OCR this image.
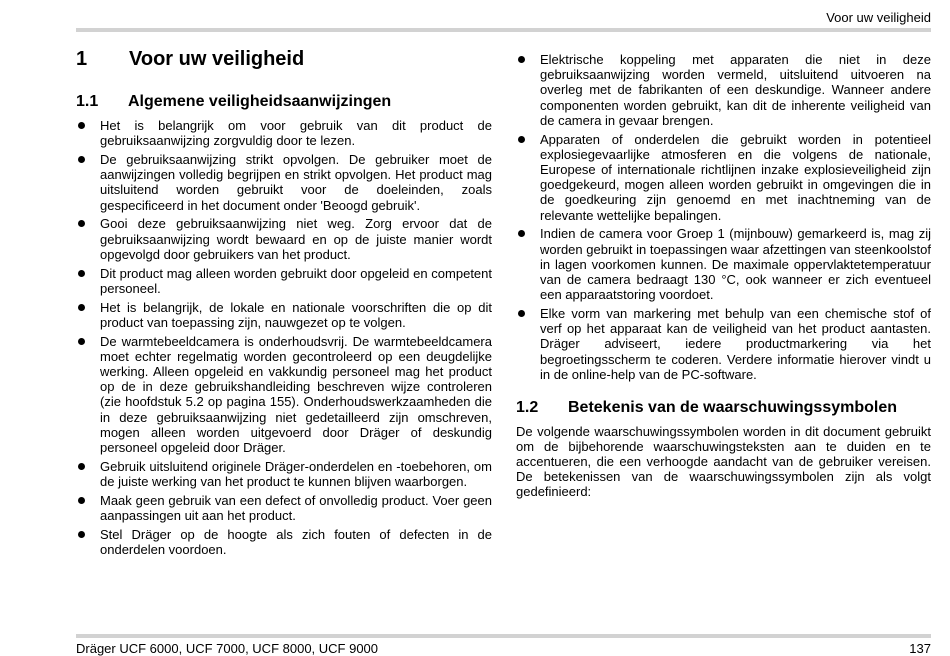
Voor uw veiligheid
1	Voor uw veiligheid
1.1	Algemene veiligheidsaanwijzingen
Het is belangrijk om voor gebruik van dit product de gebruiksaanwijzing zorgvuldig door te lezen.
De gebruiksaanwijzing strikt opvolgen. De gebruiker moet de aanwijzingen volledig begrijpen en strikt opvolgen. Het product mag uitsluitend worden gebruikt voor de doeleinden, zoals gespecificeerd in het document onder 'Beoogd gebruik'.
Gooi deze gebruiksaanwijzing niet weg. Zorg ervoor dat de gebruiksaanwijzing wordt bewaard en op de juiste manier wordt opgevolgd door gebruikers van het product.
Dit product mag alleen worden gebruikt door opgeleid en competent personeel.
Het is belangrijk, de lokale en nationale voorschriften die op dit product van toepassing zijn, nauwgezet op te volgen.
De warmtebeeldcamera is onderhoudsvrij. De warmtebeeldcamera moet echter regelmatig worden gecontroleerd op een deugdelijke werking. Alleen opgeleid en vakkundig personeel mag het product op de in deze gebruikshandleiding beschreven wijze controleren (zie hoofdstuk 5.2 op pagina 155). Onderhoudswerkzaamheden die in deze gebruiksaanwijzing niet gedetailleerd zijn omschreven, mogen alleen worden uitgevoerd door Dräger of deskundig personeel opgeleid door Dräger.
Gebruik uitsluitend originele Dräger-onderdelen en -toebehoren, om de juiste werking van het product te kunnen blijven waarborgen.
Maak geen gebruik van een defect of onvolledig product. Voer geen aanpassingen uit aan het product.
Stel Dräger op de hoogte als zich fouten of defecten in de onderdelen voordoen.
Elektrische koppeling met apparaten die niet in deze gebruiksaanwijzing worden vermeld, uitsluitend uitvoeren na overleg met de fabrikanten of een deskundige. Wanneer andere componenten worden gebruikt, kan dit de inherente veiligheid van de camera in gevaar brengen.
Apparaten of onderdelen die gebruikt worden in potentieel explosiegevaarlijke atmosferen en die volgens de nationale, Europese of internationale richtlijnen inzake explosieveiligheid zijn goedgekeurd, mogen alleen worden gebruikt in omgevingen die in de goedkeuring zijn genoemd en met inachtneming van de relevante wettelijke bepalingen.
Indien de camera voor Groep 1 (mijnbouw) gemarkeerd is, mag zij worden gebruikt in toepassingen waar afzettingen van steenkoolstof in lagen voorkomen kunnen. De maximale oppervlaktetemperatuur van de camera bedraagt 130 °C, ook wanneer er zich eventueel een apparaatstoring voordoet.
Elke vorm van markering met behulp van een chemische stof of verf op het apparaat kan de veiligheid van het product aantasten. Dräger adviseert, iedere productmarkering via het begroetingsscherm te coderen. Verdere informatie hierover vindt u in de online-help van de PC-software.
1.2	Betekenis van de waarschuwingssymbolen
De volgende waarschuwingssymbolen worden in dit document gebruikt om de bijbehorende waarschuwingsteksten aan te duiden en te accentueren, die een verhoogde aandacht van de gebruiker vereisen. De betekenissen van de waarschuwingssymbolen zijn als volgt gedefinieerd:
Dräger UCF 6000, UCF 7000, UCF 8000, UCF 9000	137
